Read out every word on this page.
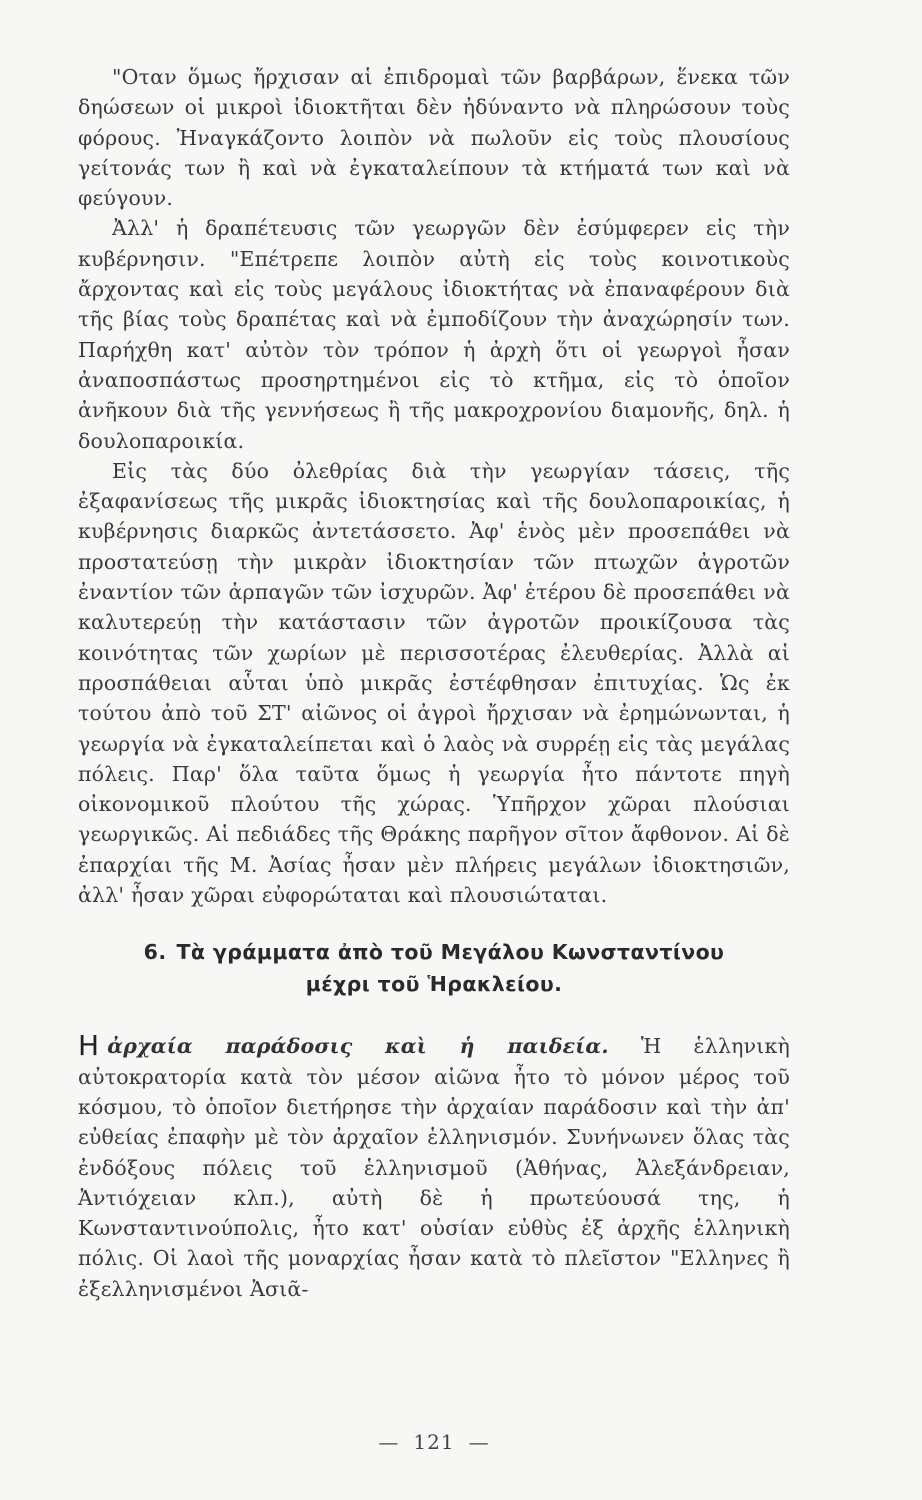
"Οταν ὅμως ἤρχισαν αἱ ἐπιδρομαὶ τῶν βαρβάρων, ἕνεκα τῶν δηώσεων οἱ μικροὶ ἰδιοκτῆται δὲν ἠδύναντο νὰ πληρώσουν τοὺς φόρους. Ἠναγκάζοντο λοιπὸν νὰ πωλοῦν εἰς τοὺς πλουσίους γείτονάς των ἢ καὶ νὰ ἐγκαταλείπουν τὰ κτήματά των καὶ νὰ φεύγουν.

Ἀλλ' ἡ δραπέτευσις τῶν γεωργῶν δὲν ἐσύμφερεν εἰς τὴν κυβέρνησιν. "Επέτρεπε λοιπὸν αὐτὴ εἰς τοὺς κοινοτικοὺς ἄρχοντας καὶ εἰς τοὺς μεγάλους ἰδιοκτήτας νὰ ἐπαναφέρουν διὰ τῆς βίας τοὺς δραπέτας καὶ νὰ ἐμποδίζουν τὴν ἀναχώρησίν των. Παρήχθη κατ' αὐτὸν τὸν τρόπον ἡ ἀρχὴ ὅτι οἱ γεωργοὶ ἦσαν ἀναποσπάστως προσηρτημένοι εἰς τὸ κτῆμα, εἰς τὸ ὁποῖον ἀνῆκουν διὰ τῆς γεννήσεως ἢ τῆς μακροχρονίου διαμονῆς, δηλ. ἡ δουλοπαροικία.

Εἰς τὰς δύο ὀλεθρίας διὰ τὴν γεωργίαν τάσεις, τῆς ἐξαφανίσεως τῆς μικρᾶς ἰδιοκτησίας καὶ τῆς δουλοπαροικίας, ἡ κυβέρνησις διαρκῶς ἀντετάσσετο. Ἀφ' ἑνὸς μὲν προσεπάθει νὰ προστατεύσῃ τὴν μικρὰν ἰδιοκτησίαν τῶν πτωχῶν ἀγροτῶν ἐναντίον τῶν ἁρπαγῶν τῶν ἰσχυρῶν. Ἀφ' ἑτέρου δὲ προσεπάθει νὰ καλυτερεύῃ τὴν κατάστασιν τῶν ἀγροτῶν προικίζουσα τὰς κοινότητας τῶν χωρίων μὲ περισσοτέρας ἐλευθερίας. Ἀλλὰ αἱ προσπάθειαι αὗται ὑπὸ μικρᾶς ἐστέφθησαν ἐπιτυχίας. Ὡς ἐκ τούτου ἀπὸ τοῦ ΣΤ' αἰῶνος οἱ ἀγροὶ ἤρχισαν νὰ ἐρημώνωνται, ἡ γεωργία νὰ ἐγκαταλείπεται καὶ ὁ λαὸς νὰ συρρέῃ εἰς τὰς μεγάλας πόλεις. Παρ' ὅλα ταῦτα ὅμως ἡ γεωργία ἦτο πάντοτε πηγὴ οἰκονομικοῦ πλούτου τῆς χώρας. Ὑπῆρχον χῶραι πλούσιαι γεωργικῶς. Αἱ πεδιάδες τῆς Θράκης παρῆγον σῖτον ἄφθονον. Αἱ δὲ ἐπαρχίαι τῆς Μ. Ἀσίας ἦσαν μὲν πλήρεις μεγάλων ἰδιοκτησιῶν, ἀλλ' ἦσαν χῶραι εὐφορώταται καὶ πλουσιώταται.

6. Τὰ γράμματα ἀπὸ τοῦ Μεγάλου Κωνσταντίνου
μέχρι τοῦ Ἡρακλείου.

Η ἀρχαία παράδοσις καὶ ἡ παιδεία. Ἡ ἑλληνικὴ αὐτοκρατορία κατὰ τὸν μέσον αἰῶνα ἦτο τὸ μόνον μέρος τοῦ κόσμου, τὸ ὁποῖον διετήρησε τὴν ἀρχαίαν παράδοσιν καὶ τὴν ἀπ' εὐθείας ἐπαφὴν μὲ τὸν ἀρχαῖον ἑλληνισμόν. Συνήνωνεν ὅλας τὰς ἐνδόξους πόλεις τοῦ ἑλληνισμοῦ (Ἀθήνας, Ἀλεξάνδρειαν, Ἀντιόχειαν κλπ.), αὐτὴ δὲ ἡ πρωτεύουσά της, ἡ Κωνσταντινούπολις, ἦτο κατ' οὐσίαν εὐθὺς ἐξ ἀρχῆς ἑλληνικὴ πόλις. Οἱ λαοὶ τῆς μοναρχίας ἦσαν κατὰ τὸ πλεῖστον "Ελληνες ἢ ἐξελληνισμένοι Ἀσιᾶ-

— 121 —
